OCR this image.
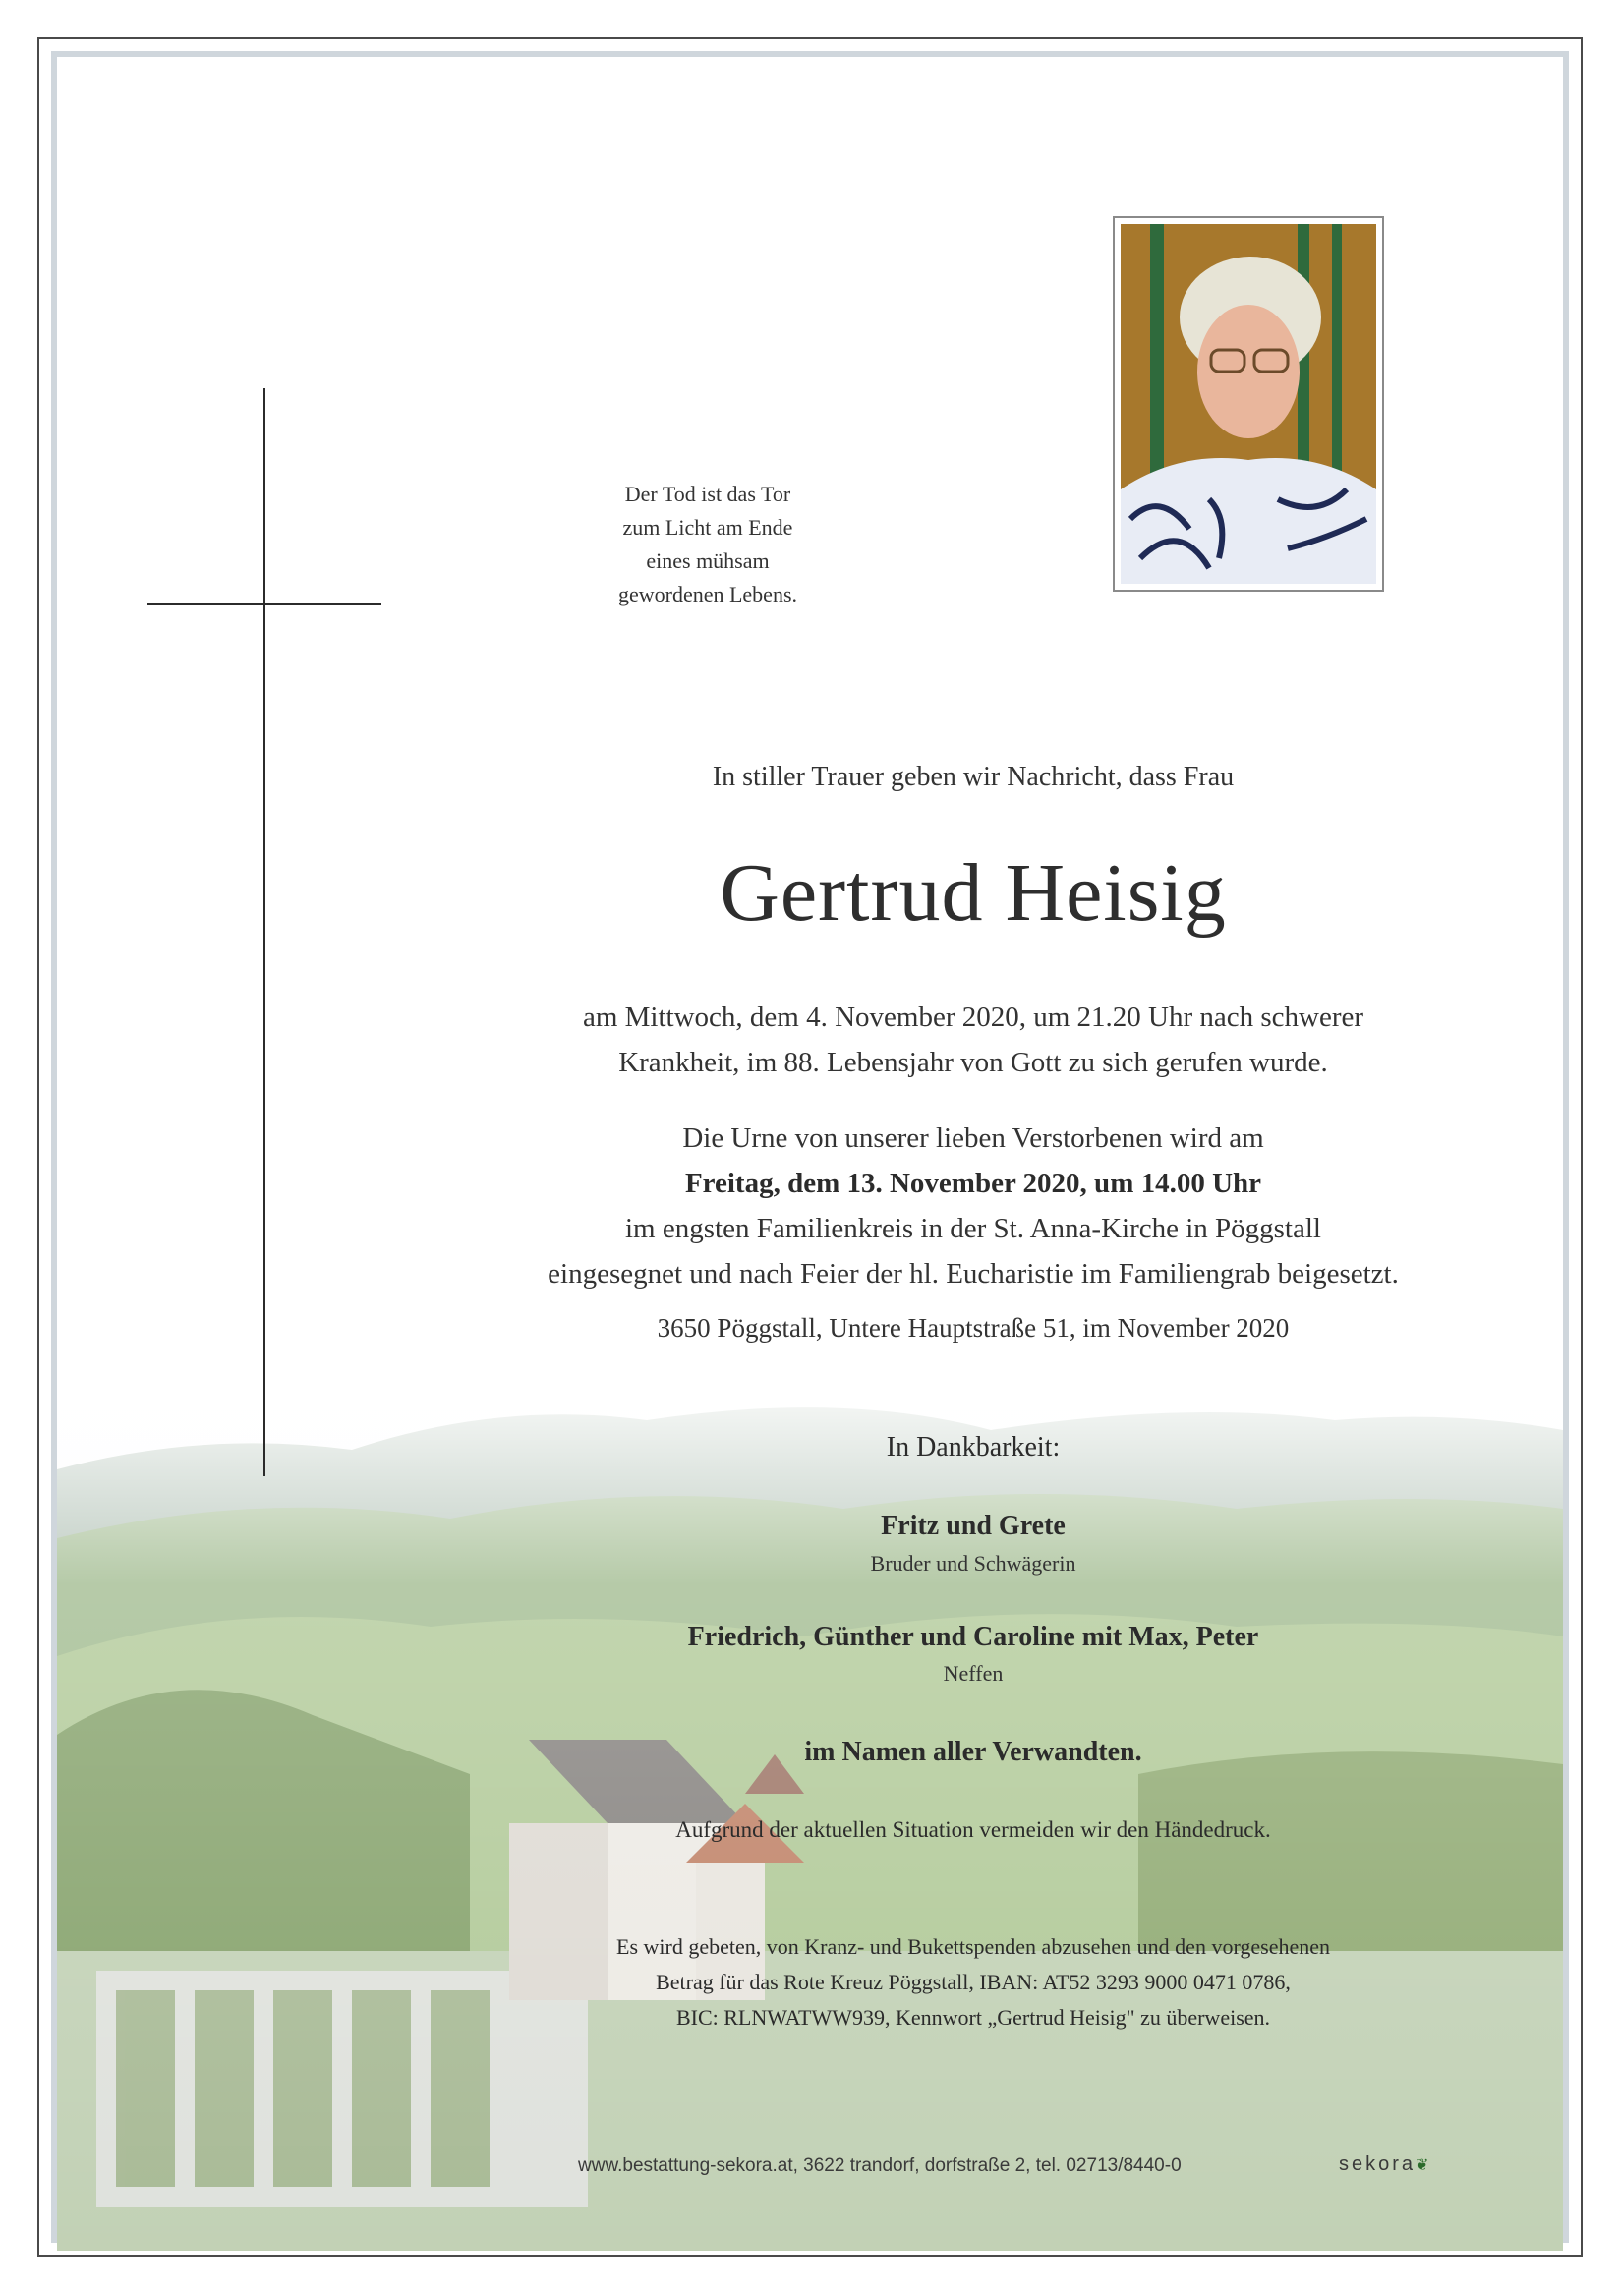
Der Tod ist das Tor
zum Licht am Ende
eines mühsam
gewordenen Lebens.
In stiller Trauer geben wir Nachricht, dass Frau
Gertrud Heisig
am Mittwoch, dem 4. November 2020, um 21.20 Uhr nach schwerer
Krankheit, im 88. Lebensjahr von Gott zu sich gerufen wurde.
Die Urne von unserer lieben Verstorbenen wird am
Freitag, dem 13. November 2020, um 14.00 Uhr
im engsten Familienkreis in der St. Anna-Kirche in Pöggstall
eingesegnet und nach Feier der hl. Eucharistie im Familiengrab beigesetzt.
3650 Pöggstall, Untere Hauptstraße 51, im November 2020
In Dankbarkeit:
Fritz und Grete
Bruder und Schwägerin
Friedrich, Günther und Caroline mit Max, Peter
Neffen
im Namen aller Verwandten.
Aufgrund der aktuellen Situation vermeiden wir den Händedruck.
Es wird gebeten, von Kranz- und Bukettspenden abzusehen und den vorgesehenen
Betrag für das Rote Kreuz Pöggstall, IBAN: AT52 3293 9000 0471 0786,
BIC: RLNWATWW939, Kennwort „Gertrud Heisig" zu überweisen.
www.bestattung-sekora.at, 3622 trandorf, dorfstraße 2, tel. 02713/8440-0	sekora❦
